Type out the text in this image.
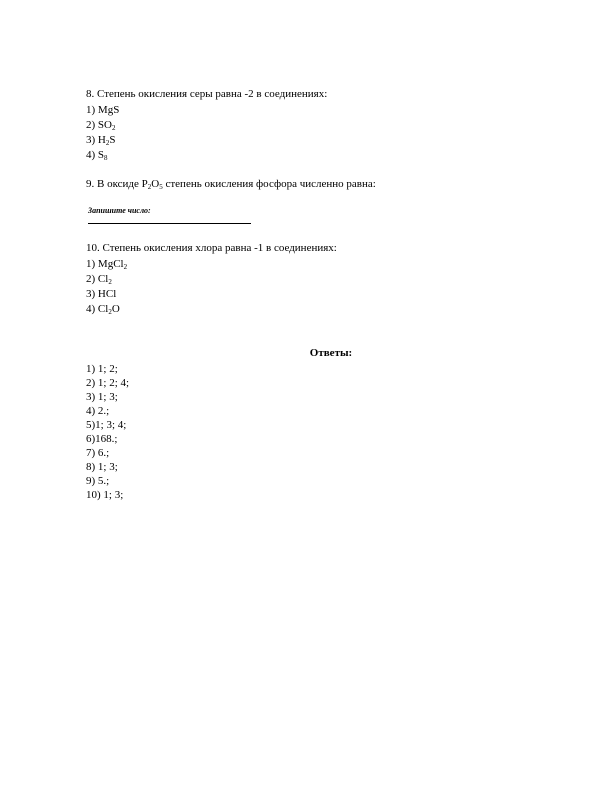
8. Степень окисления серы равна -2 в соединениях:
1) MgS
2) $SO_2$
3) $H_2S$
4) $S_8$
9. В оксиде $P_2O_5$ степень окисления фосфора численно равна:
Запишите число:
10. Степень окисления хлора равна -1 в соединениях:
1) MgCl$_2$
2) $Cl_2$
3) HCl
4) $Cl_2O$
Ответы:
1) 1; 2;
2) 1; 2; 4;
3) 1; 3;
4) 2.;
5)1; 3; 4;
6)168.;
7) 6.;
8) 1; 3;
9) 5.;
10) 1; 3;
